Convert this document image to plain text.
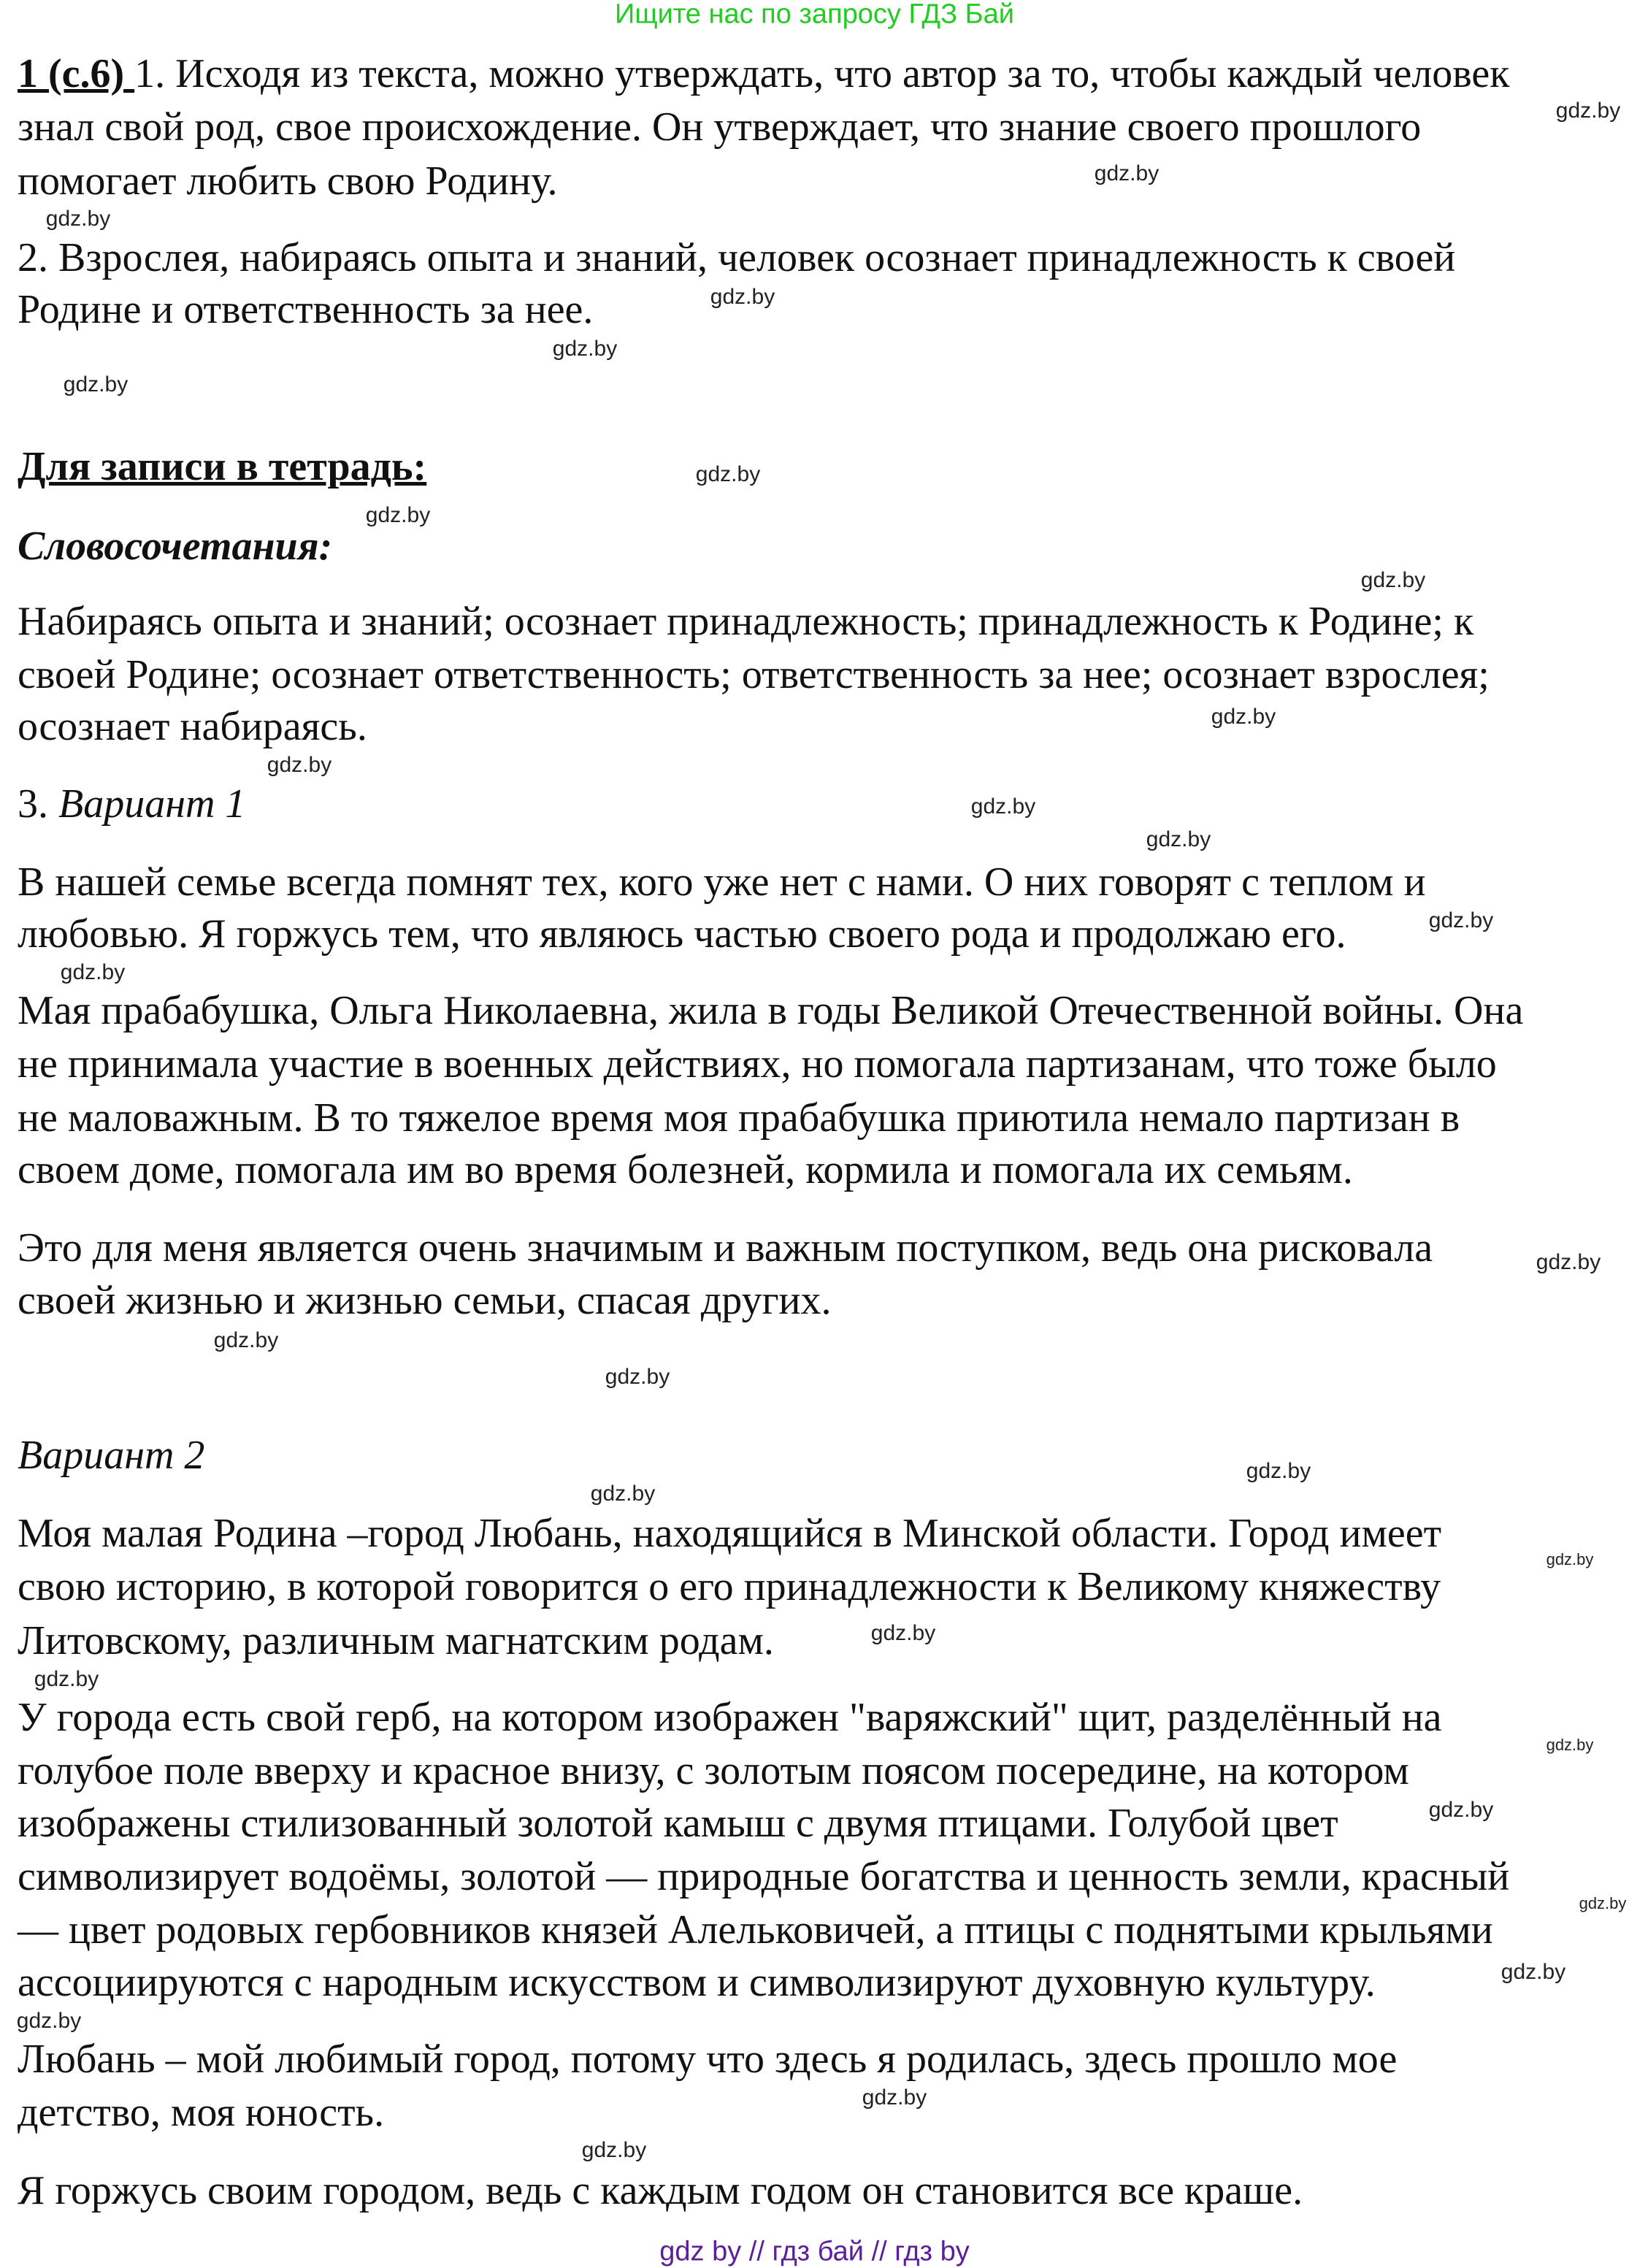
Ищите нас по запросу ГДЗ Бай
1 (с.6) 1. Исходя из текста, можно утверждать, что автор за то, чтобы каждый человек
Для записи в тетрадь:
Словосочетания:
3. Вариант 1
Вариант 2
знал свой род, свое происхождение. Он утверждает, что знание своего прошлого
помогает любить свою Родину.
2. Взрослея, набираясь опыта и знаний, человек осознает принадлежность к своей
Родине и ответственность за нее.
Набираясь опыта и знаний; осознает принадлежность; принадлежность к Родине; к
своей Родине; осознает ответственность; ответственность за нее; осознает взрослея;
осознает набираясь.
В нашей семье всегда помнят тех, кого уже нет с нами. О них говорят с теплом и
любовью. Я горжусь тем, что являюсь частью своего рода и продолжаю его.
Мая прабабушка, Ольга Николаевна, жила в годы Великой Отечественной войны. Она
не принимала участие в военных действиях, но помогала партизанам, что тоже было
не маловажным. В то тяжелое время моя прабабушка приютила немало партизан в
своем доме, помогала им во время болезней, кормила и помогала их семьям.
Это для меня является очень значимым и важным поступком, ведь она рисковала
своей жизнью и жизнью семьи, спасая других.
Моя малая Родина –город Любань, находящийся в Минской области. Город имеет
свою историю, в которой говорится о его принадлежности к Великому княжеству
Литовскому, различным магнатским родам.
У города есть свой герб, на котором изображен "варяжский" щит, разделённый на
голубое поле вверху и красное внизу, с золотым поясом посередине, на котором
изображены стилизованный золотой камыш с двумя птицами. Голубой цвет
символизирует водоёмы, золотой — природные богатства и ценность земли, красный
— цвет родовых гербовников князей Алельковичей, а птицы с поднятыми крыльями
ассоциируются с народным искусством и символизируют духовную культуру.
Любань – мой любимый город, потому что здесь я родилась, здесь прошло мое
детство, моя юность.
Я горжусь своим городом, ведь с каждым годом он становится все краше.
gdz.by
gdz.by
gdz.by
gdz.by
gdz.by
gdz.by
gdz.by
gdz.by
gdz.by
gdz.by
gdz.by
gdz.by
gdz.by
gdz.by
gdz.by
gdz.by
gdz.by
gdz.by
gdz.by
gdz.by
gdz.by
gdz.by
gdz.by
gdz.by
gdz.by
gdz.by
gdz.by
gdz.by
gdz.by
gdz.by
gdz by // гдз бай // гдз by
